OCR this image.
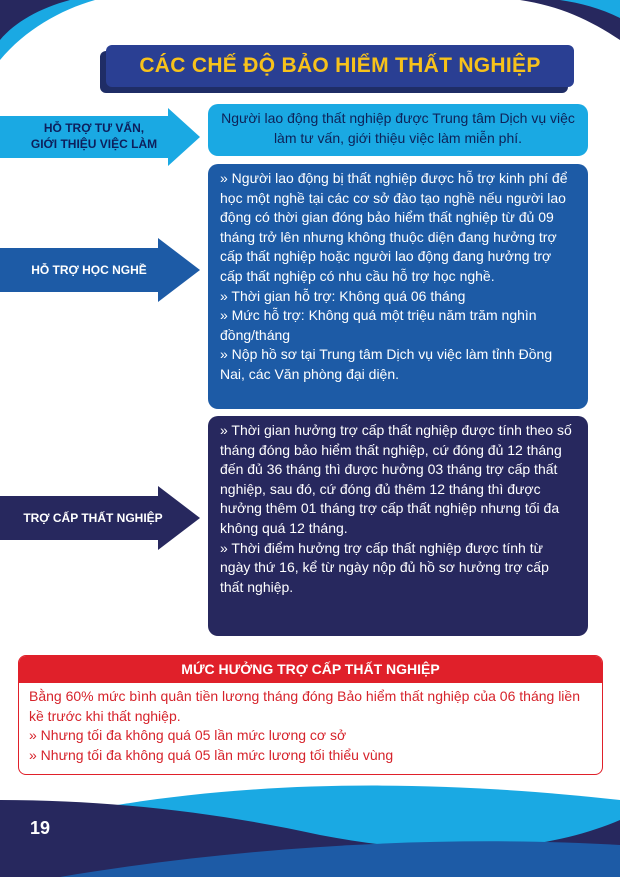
CÁC CHẾ ĐỘ BẢO HIỂM THẤT NGHIỆP
HỖ TRỢ TƯ VẤN,
GIỚI THIỆU VIỆC LÀM
HỖ TRỢ HỌC NGHỀ
TRỢ CẤP THẤT NGHIỆP

Người lao động thất nghiệp được Trung tâm Dịch vụ việc làm tư vấn, giới thiệu việc làm miễn phí.

» Người lao động bị thất nghiệp được hỗ trợ kinh phí để học một nghề tại các cơ sở đào tạo nghề nếu người lao động có thời gian đóng bảo hiểm thất nghiệp từ đủ 09 tháng trở lên nhưng không thuộc diện đang hưởng trợ cấp thất nghiệp hoặc người lao động đang hưởng trợ cấp thất nghiệp có nhu cầu hỗ trợ học nghề.

» Thời gian hỗ trợ: Không quá 06 tháng

» Mức hỗ trợ: Không quá một triệu năm trăm nghìn đồng/tháng

» Nộp hồ sơ tại Trung tâm Dịch vụ việc làm tỉnh Đồng Nai, các Văn phòng đại diện.

» Thời gian hưởng trợ cấp thất nghiệp được tính theo số tháng đóng bảo hiểm thất nghiệp, cứ đóng đủ 12 tháng đến đủ 36 tháng thì được hưởng 03 tháng trợ cấp thất nghiệp, sau đó, cứ đóng đủ thêm 12 tháng thì được hưởng thêm 01 tháng trợ cấp thất nghiệp nhưng tối đa không quá 12 tháng.

» Thời điểm hưởng trợ cấp thất nghiệp được tính từ ngày thứ 16, kể từ ngày nộp đủ hồ sơ hưởng trợ cấp thất nghiệp.

MỨC HƯỞNG TRỢ CẤP THẤT NGHIỆP

Bằng 60% mức bình quân tiền lương tháng đóng Bảo hiểm thất nghiệp của 06 tháng liền kề trước khi thất nghiệp.

» Nhưng tối đa không quá 05 lần mức lương cơ sở

» Nhưng tối đa không quá 05 lần mức lương tối thiểu vùng

19
